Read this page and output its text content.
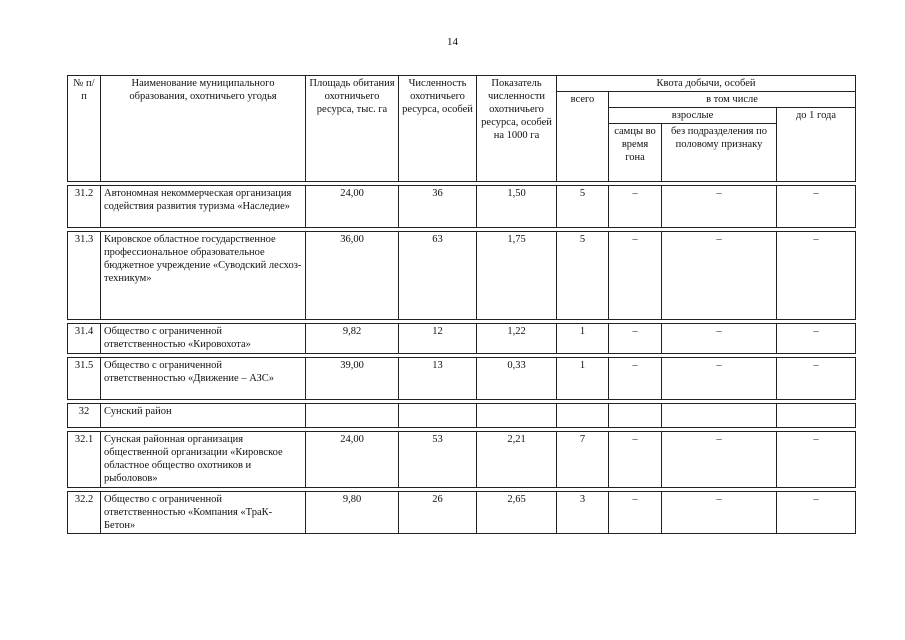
14
№ п/п	Наименование муниципального образования, охотничьего угодья	Площадь обитания охотничьего ресурса, тыс. га	Численность охотничьего ресурса, особей	Показатель численности охотничьего ресурса, особей на 1000 га	Квота добычи, особей			
					всего	в том числе		
						взрослые		до 1 года
						самцы во время гона	без подразделения по половому признаку	

31.2	Автономная некоммерческая организация содействия развития туризма «Наследие»	24,00	36	1,50	5	–	–	–

31.3	Кировское областное государственное профессиональное образовательное бюджетное учреждение «Суводский лесхоз-техникум»	36,00	63	1,75	5	–	–	–

31.4	Общество с ограниченной ответственностью «Кировохота»	9,82	12	1,22	1	–	–	–

31.5	Общество с ограниченной ответственностью «Движение – АЗС»	39,00	13	0,33	1	–	–	–

32	Сунский район							

32.1	Сунская районная организация общественной организации «Кировское областное общество охотников и рыболовов»	24,00	53	2,21	7	–	–	–

32.2	Общество с ограниченной ответственностью «Компания «ТраК-Бетон»	9,80	26	2,65	3	–	–	–
